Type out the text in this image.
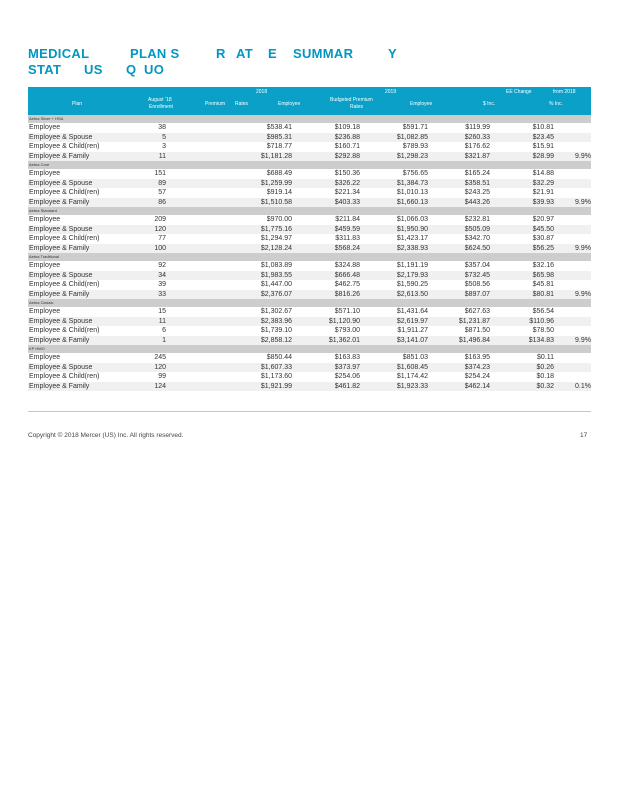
MEDICAL	PLAN S	R AT E SUMMAR	Y
STAT US Q UO
2018	2019	EE Change	from 2018
Plan
August ’18
Enrollment	Premium Rates	Employee
Budgeted Premium
Rates	Employee	$ Inc.	% Inc.
Aetna Silver + HSA
Employee	38	$538.41	$109.18	$591.71	$119.99	$10.81
Employee & Spouse	5	$985.31	$236.88	$1,082.85	$260.33	$23.45
Employee & Child(ren)	3	$718.77	$160.71	$789.93	$176.62	$15.91
Employee & Family	11	$1,181.28	$292.88	$1,298.23	$321.87	$28.99	9.9%
Aetna Core
Employee	151	$688.49	$150.36	$756.65	$165.24	$14.88
Employee & Spouse	89	$1,259.99	$326.22	$1,384.73	$358.51	$32.29
Employee & Child(ren)	57	$919.14	$221.34	$1,010.13	$243.25	$21.91
Employee & Family	86	$1,510.58	$403.33	$1,660.13	$443.26	$39.93	9.9%
Aetna Standard
Employee	209	$970.00	$211.84	$1,066.03	$232.81	$20.97
Employee & Spouse	120	$1,775.16	$459.59	$1,950.90	$505.09	$45.50
Employee & Child(ren)	77	$1,294.97	$311.83	$1,423.17	$342.70	$30.87
Employee & Family	100	$2,128.24	$568.24	$2,338.93	$624.50	$56.25	9.9%
Aetna Traditional
Employee	92	$1,083.89	$324.88	$1,191.19	$357.04	$32.16
Employee & Spouse	34	$1,983.55	$666.48	$2,179.93	$732.45	$65.98
Employee & Child(ren)	39	$1,447.00	$462.75	$1,590.25	$508.56	$45.81
Employee & Family	33	$2,376.07	$816.26	$2,613.50	$897.07	$80.81	9.9%
Aetna Classic
Employee	15	$1,302.67	$571.10	$1,431.64	$627.63	$56.54
Employee & Spouse	11	$2,383.96	$1,120.90	$2,619.97	$1,231.87	$110.96
Employee & Child(ren)	6	$1,739.10	$793.00	$1,911.27	$871.50	$78.50
Employee & Family	1	$2,858.12	$1,362.01	$3,141.07	$1,496.84	$134.83	9.9%
KP HMO
Employee	245	$850.44	$163.83	$851.03	$163.95	$0.11
Employee & Spouse	120	$1,607.33	$373.97	$1,608.45	$374.23	$0.26
Employee & Child(ren)	99	$1,173.60	$254.06	$1,174.42	$254.24	$0.18
Employee & Family	124	$1,921.99	$461.82	$1,923.33	$462.14	$0.32	0.1%
Copyright © 2018 Mercer (US) Inc. All rights reserved.	17
